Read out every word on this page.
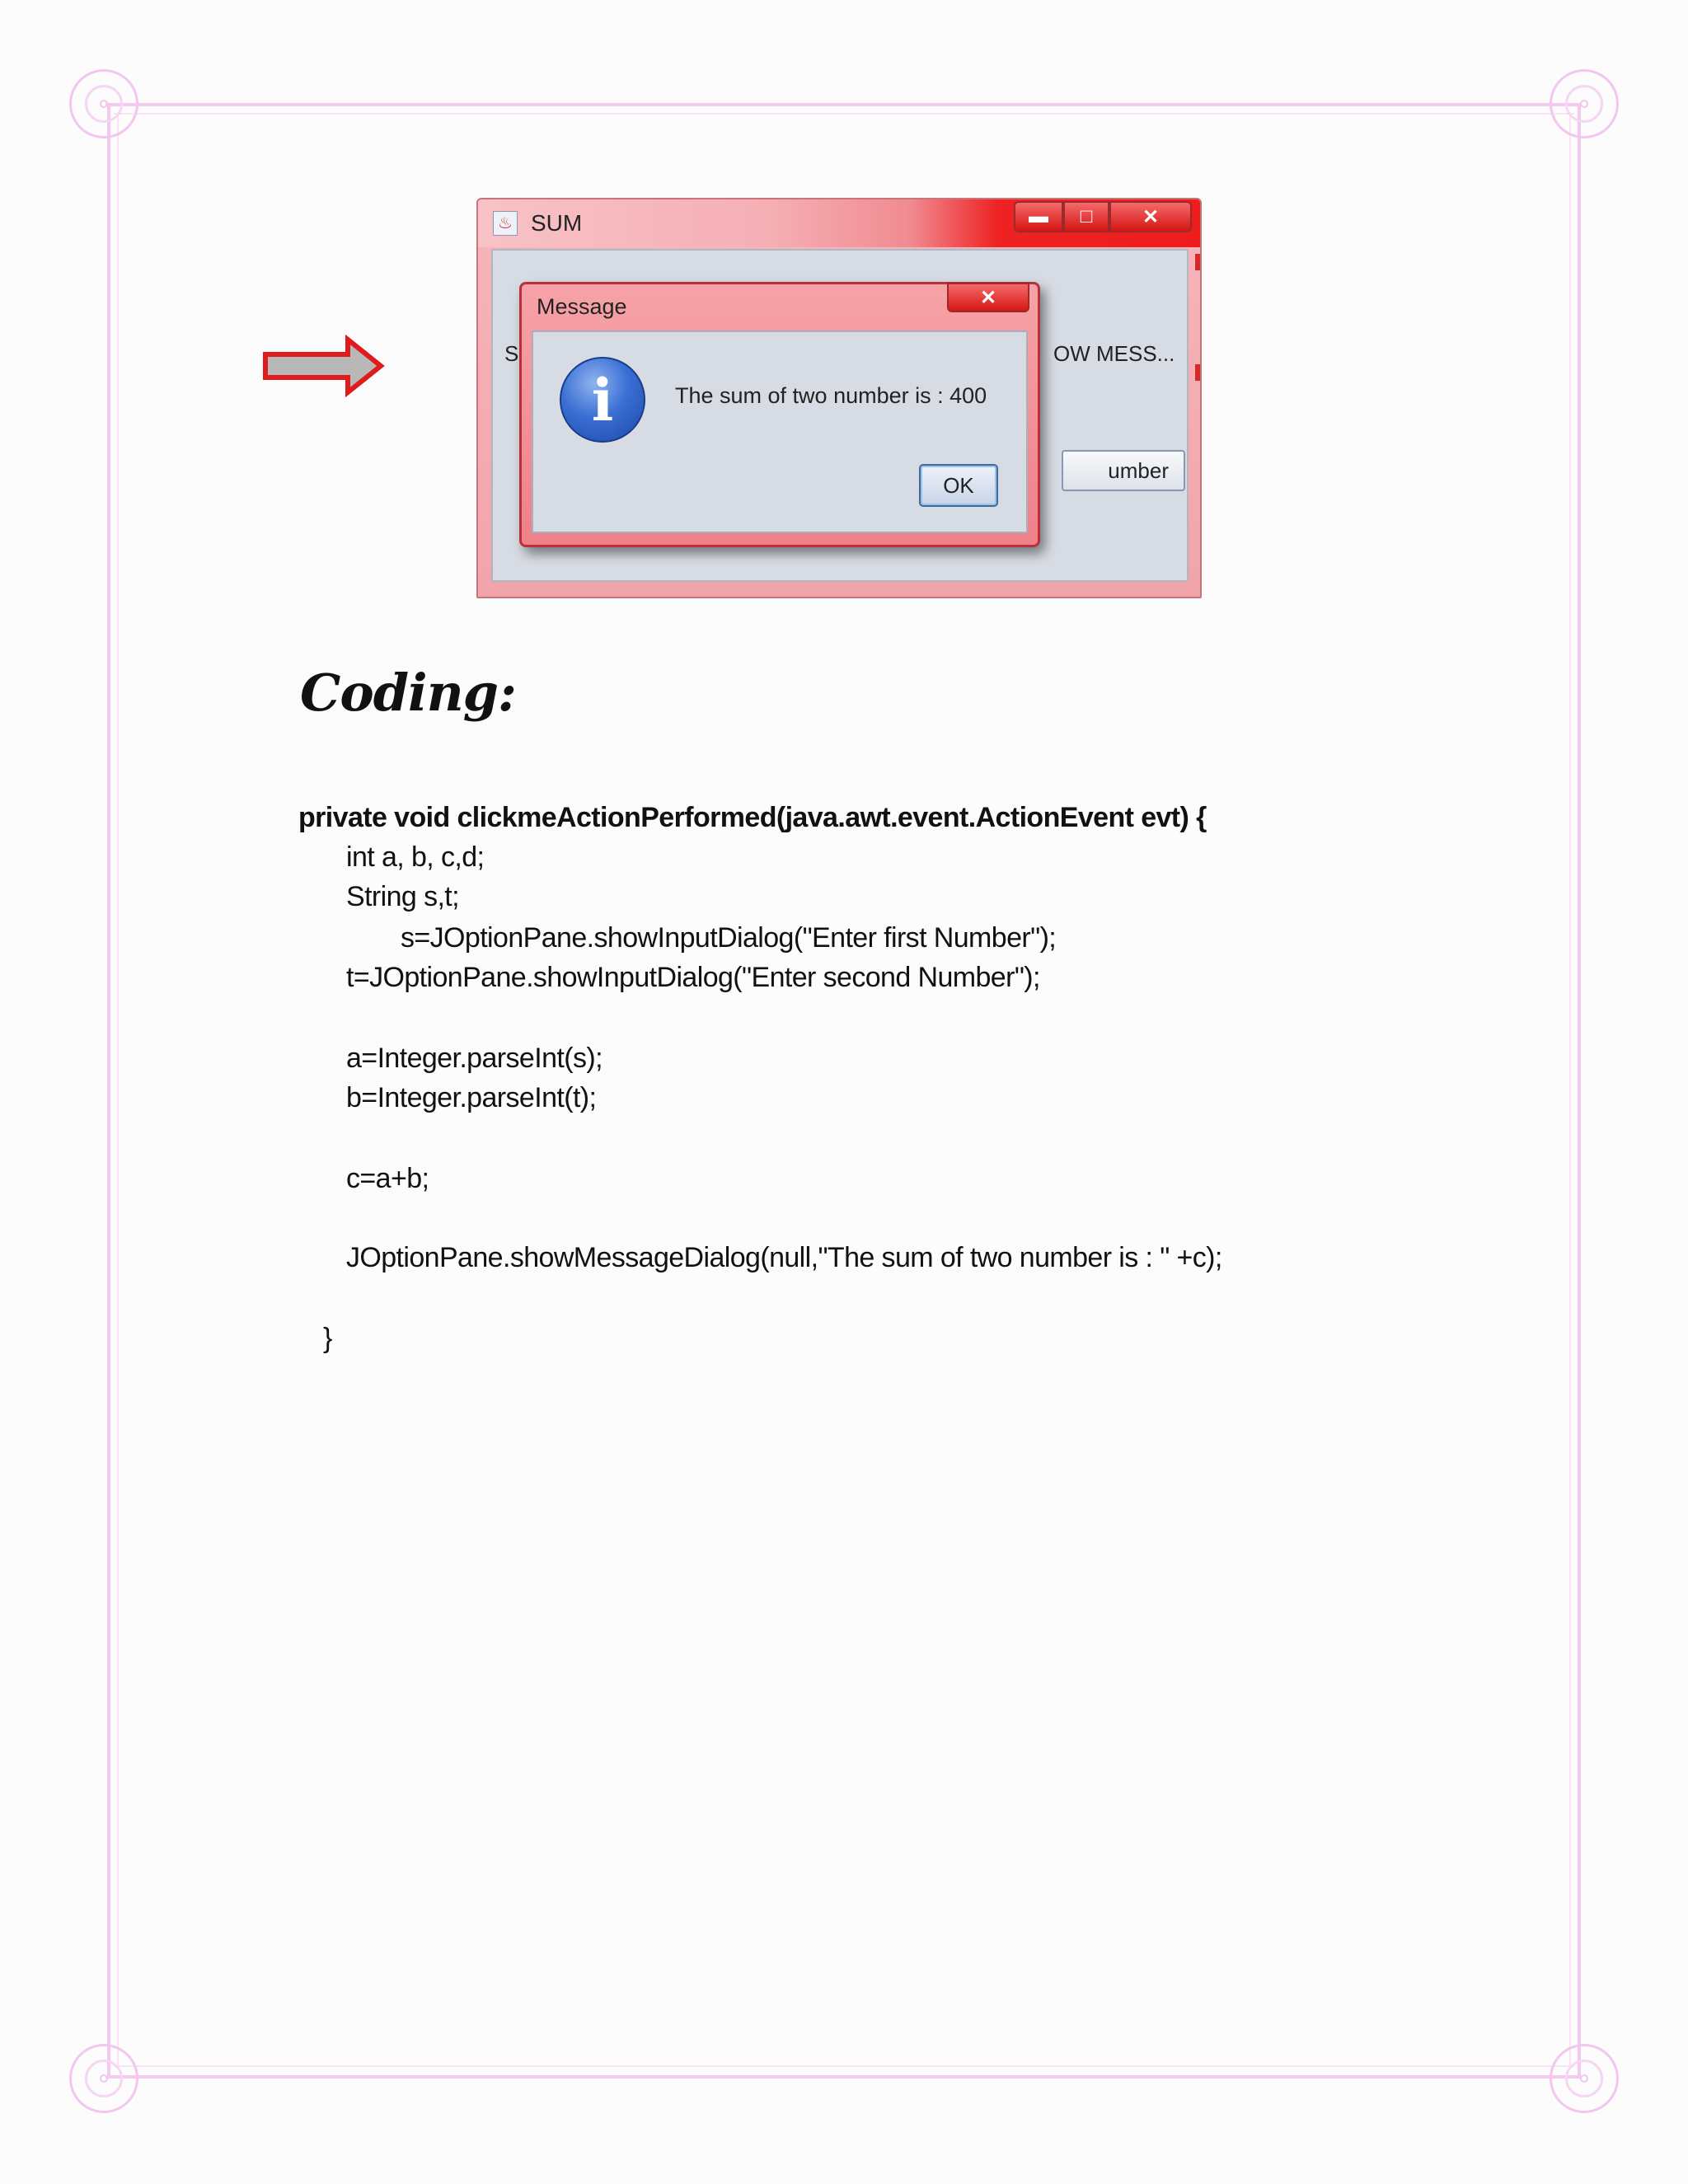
♨ SUM	▬	□	✕
S	OW MESS...
umber
Message	✕
i	The sum of two number is : 400
OK
Coding:
private void clickmeActionPerformed(java.awt.event.ActionEvent evt) {
int a, b, c,d;
String s,t;
s=JOptionPane.showInputDialog("Enter first Number");
t=JOptionPane.showInputDialog("Enter second Number");
a=Integer.parseInt(s);
b=Integer.parseInt(t);
c=a+b;
JOptionPane.showMessageDialog(null,"The sum of two number is : " +c);
}
